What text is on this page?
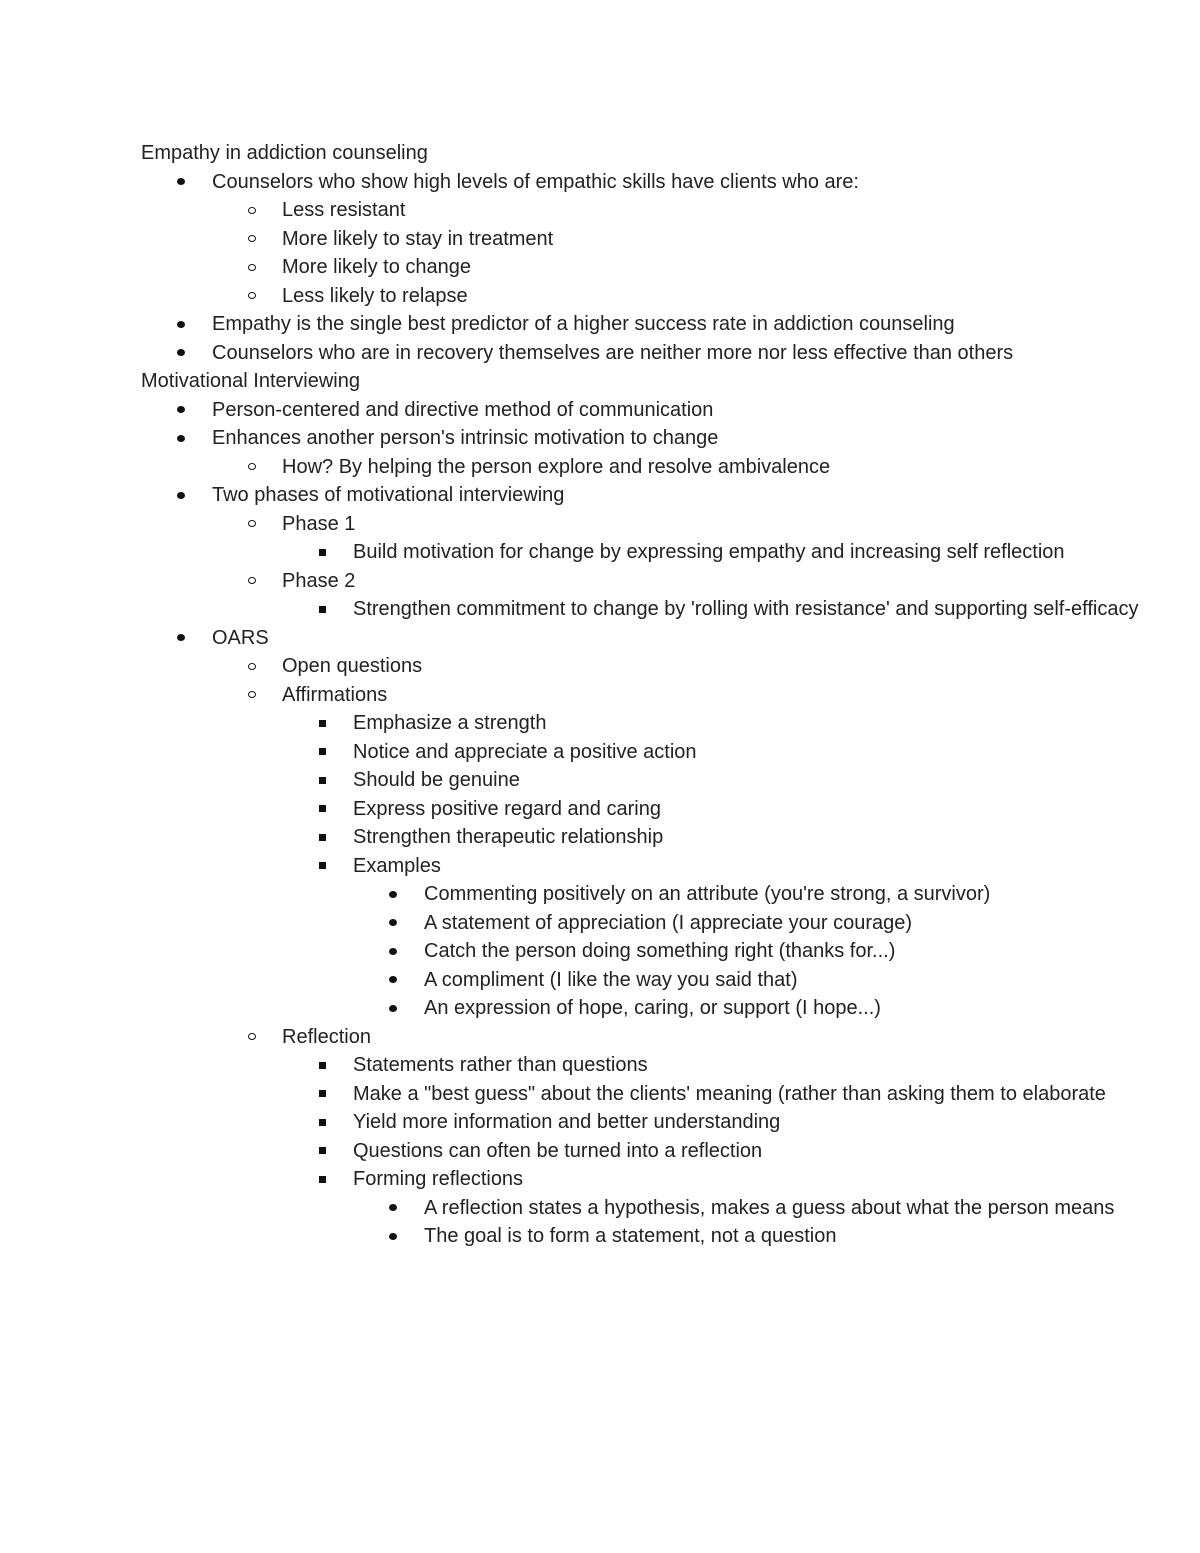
Empathy in addiction counseling
Counselors who show high levels of empathic skills have clients who are:
Less resistant
More likely to stay in treatment
More likely to change
Less likely to relapse
Empathy is the single best predictor of a higher success rate in addiction counseling
Counselors who are in recovery themselves are neither more nor less effective than others
Motivational Interviewing
Person-centered and directive method of communication
Enhances another person's intrinsic motivation to change
How? By helping the person explore and resolve ambivalence
Two phases of motivational interviewing
Phase 1
Build motivation for change by expressing empathy and increasing self reflection
Phase 2
Strengthen commitment to change by 'rolling with resistance' and supporting self-efficacy
OARS
Open questions
Affirmations
Emphasize a strength
Notice and appreciate a positive action
Should be genuine
Express positive regard and caring
Strengthen therapeutic relationship
Examples
Commenting positively on an attribute (you're strong, a survivor)
A statement of appreciation (I appreciate your courage)
Catch the person doing something right (thanks for...)
A compliment (I like the way you said that)
An expression of hope, caring, or support (I hope...)
Reflection
Statements rather than questions
Make a "best guess" about the clients' meaning (rather than asking them to elaborate
Yield more information and better understanding
Questions can often be turned into a reflection
Forming reflections
A reflection states a hypothesis, makes a guess about what the person means
The goal is to form a statement, not a question
